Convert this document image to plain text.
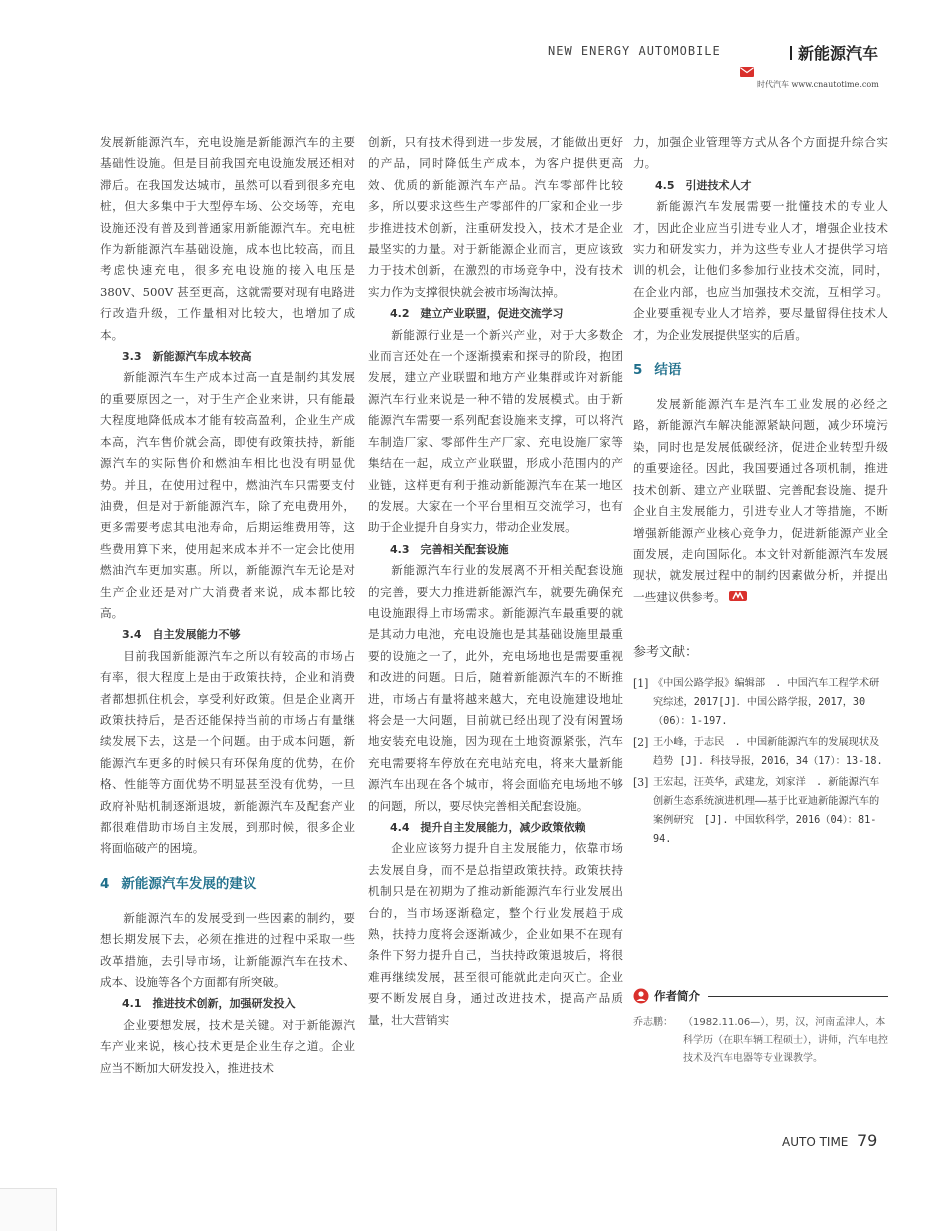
NEW ENERGY AUTOMOBILE	新能源汽车
时代汽车 www.cnautotime.com

发展新能源汽车，充电设施是新能源汽车的主要基础性设施。但是目前我国充电设施发展还相对滞后。在我国发达城市，虽然可以看到很多充电桩，但大多集中于大型停车场、公交场等，充电设施还没有普及到普通家用新能源汽车。充电桩作为新能源汽车基础设施，成本也比较高，而且考虑快速充电，很多充电设施的接入电压是　380V、500V 甚至更高，这就需要对现有电路进行改造升级，工作量相对比较大，也增加了成本。

3.3　新能源汽车成本较高

新能源汽车生产成本过高一直是制约其发展的重要原因之一，对于生产企业来讲，只有能最大程度地降低成本才能有较高盈利，企业生产成本高，汽车售价就会高，即使有政策扶持，新能源汽车的实际售价和燃油车相比也没有明显优势。并且，在使用过程中，燃油汽车只需要支付油费，但是对于新能源汽车，除了充电费用外，更多需要考虑其电池寿命，后期运维费用等，这些费用算下来，使用起来成本并不一定会比使用燃油汽车更加实惠。所以，新能源汽车无论是对生产企业还是对广大消费者来说，成本都比较高。

3.4　自主发展能力不够

目前我国新能源汽车之所以有较高的市场占有率，很大程度上是由于政策扶持，企业和消费者都想抓住机会，享受利好政策。但是企业离开政策扶持后，是否还能保持当前的市场占有量继续发展下去，这是一个问题。由于成本问题，新能源汽车更多的时候只有环保角度的优势，在价格、性能等方面优势不明显甚至没有优势，一旦政府补贴机制逐渐退坡，新能源汽车及配套产业都很难借助市场自主发展，到那时候，很多企业将面临破产的困境。

4 新能源汽车发展的建议

新能源汽车的发展受到一些因素的制约，要想长期发展下去，必须在推进的过程中采取一些改革措施，去引导市场，让新能源汽车在技术、成本、设施等各个方面都有所突破。

4.1　推进技术创新，加强研发投入

企业要想发展，技术是关键。对于新能源汽车产业来说，核心技术更是企业生存之道。企业应当不断加大研发投入，推进技术

创新，只有技术得到进一步发展，才能做出更好的产品，同时降低生产成本，为客户提供更高效、优质的新能源汽车产品。汽车零部件比较多，所以要求这些生产零部件的厂家和企业一步步推进技术创新，注重研发投入，技术才是企业最坚实的力量。对于新能源企业而言，更应该致力于技术创新，在激烈的市场竞争中，没有技术实力作为支撑很快就会被市场淘汰掉。

4.2　建立产业联盟，促进交流学习

新能源行业是一个新兴产业，对于大多数企业而言还处在一个逐渐摸索和探寻的阶段，抱团发展，建立产业联盟和地方产业集群或许对新能源汽车行业来说是一种不错的发展模式。由于新能源汽车需要一系列配套设施来支撑，可以将汽车制造厂家、零部件生产厂家、充电设施厂家等集结在一起，成立产业联盟，形成小范围内的产业链，这样更有利于推动新能源汽车在某一地区的发展。大家在一个平台里相互交流学习，也有助于企业提升自身实力，带动企业发展。

4.3　完善相关配套设施

新能源汽车行业的发展离不开相关配套设施的完善，要大力推进新能源汽车，就要先确保充电设施跟得上市场需求。新能源汽车最重要的就是其动力电池，充电设施也是其基础设施里最重要的设施之一了，此外，充电场地也是需要重视和改进的问题。日后，随着新能源汽车的不断推进，市场占有量将越来越大，充电设施建设地址将会是一大问题，目前就已经出现了没有闲置场地安装充电设施，因为现在土地资源紧张，汽车充电需要将车停放在充电站充电，将来大量新能源汽车出现在各个城市，将会面临充电场地不够的问题，所以，要尽快完善相关配套设施。

4.4　提升自主发展能力，减少政策依赖

企业应该努力提升自主发展能力，依靠市场去发展自身，而不是总指望政策扶持。政策扶持机制只是在初期为了推动新能源汽车行业发展出台的，当市场逐渐稳定，整个行业发展趋于成熟，扶持力度将会逐渐减少，企业如果不在现有条件下努力提升自己，当扶持政策退坡后，将很难再继续发展，甚至很可能就此走向灭亡。企业要不断发展自身，通过改进技术，提高产品质量，壮大营销实

力，加强企业管理等方式从各个方面提升综合实力。

4.5　引进技术人才

新能源汽车发展需要一批懂技术的专业人才，因此企业应当引进专业人才，增强企业技术实力和研发实力，并为这些专业人才提供学习培训的机会，让他们多参加行业技术交流，同时，在企业内部，也应当加强技术交流，互相学习。企业要重视专业人才培养，要尽量留得住技术人才，为企业发展提供坚实的后盾。

5 结语

发展新能源汽车是汽车工业发展的必经之路，新能源汽车解决能源紧缺问题，减少环境污染，同时也是发展低碳经济，促进企业转型升级的重要途径。因此，我国要通过各项机制，推进技术创新、建立产业联盟、完善配套设施、提升企业自主发展能力，引进专业人才等措施，不断增强新能源产业核心竞争力，促进新能源产业全面发展，走向国际化。本文针对新能源汽车发展现状，就发展过程中的制约因素做分析，并提出一些建议供参考。

参考文献：
[1] 《中国公路学报》编辑部　. 中国汽车工程学术研究综述，2017[J]．中国公路学报，2017，30（06）：1-197.
[2] 王小峰，于志民　. 中国新能源汽车的发展现状及趋势 [J]. 科技导报，2016，34（17）：13-18.
[3] 王宏起，汪英华，武建龙，刘家洋　. 新能源汽车创新生态系统演进机理——基于比亚迪新能源汽车的案例研究　[J]. 中国软科学，2016（04）：81-94.
作者简介
乔志鹏：	（1982.11.06—），男，汉，河南孟津人，本科学历（在职车辆工程硕士），讲师，汽车电控技术及汽车电器等专业课教学。
AUTO TIME 79
